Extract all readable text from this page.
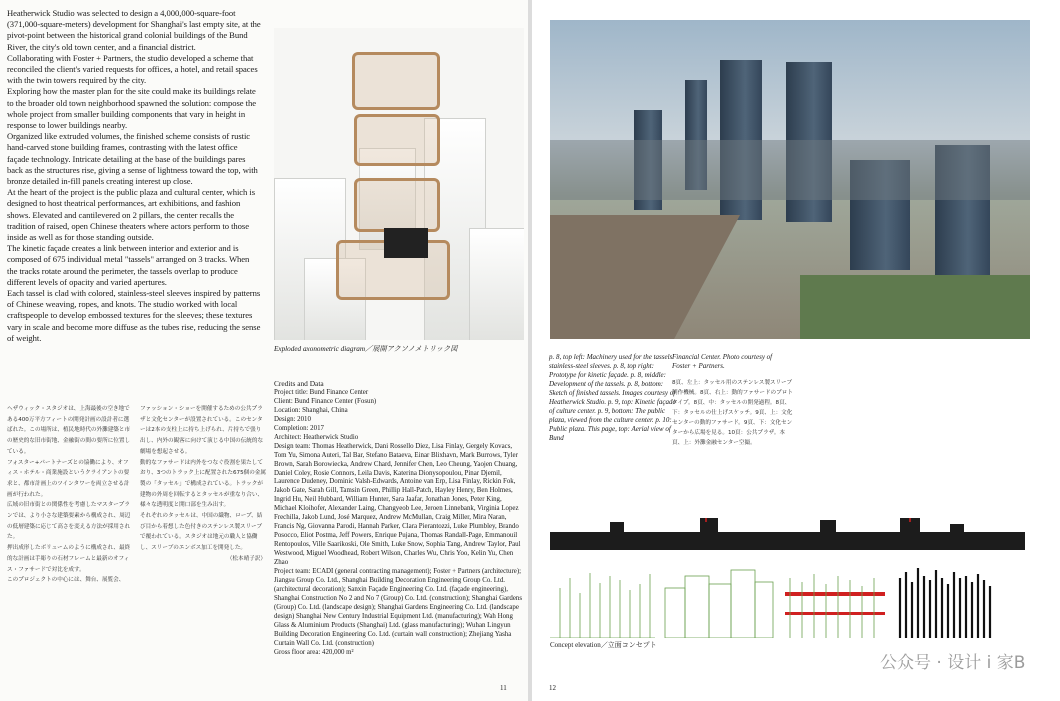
Heatherwick Studio was selected to design a 4,000,000-square-foot (371,000-square-meters) development for Shanghai's last empty site, at the pivot-point between the historical grand colonial buildings of the Bund River, the city's old town center, and a financial district.

Collaborating with Foster + Partners, the studio developed a scheme that reconciled the client's varied requests for offices, a hotel, and retail spaces with the twin towers required by the city.

Exploring how the master plan for the site could make its buildings relate to the broader old town neighborhood spawned the solution: compose the whole project from smaller building components that vary in height in response to lower buildings nearby.

Organized like extruded volumes, the finished scheme consists of rustic hand-carved stone building frames, contrasting with the latest office façade technology. Intricate detailing at the base of the buildings pares back as the structures rise, giving a sense of lightness toward the top, with bronze detailed in-fill panels creating interest up close.

At the heart of the project is the public plaza and cultural center, which is designed to host theatrical performances, art exhibitions, and fashion shows. Elevated and cantilevered on 2 pillars, the center recalls the tradition of raised, open Chinese theaters where actors perform to those inside as well as for those standing outside.

The kinetic façade creates a link between interior and exterior and is composed of 675 individual metal "tassels" arranged on 3 tracks. When the tracks rotate around the perimeter, the tassels overlap to produce different levels of opacity and varied apertures.

Each tassel is clad with colored, stainless-steel sleeves inspired by patterns of Chinese weaving, ropes, and knots. The studio worked with local craftspeople to develop embossed textures for the sleeves; these textures vary in scale and become more diffuse as the tubes rise, reducing the sense of weight.

ヘザウィック・スタジオは、上海最後の空き地である400万平方フィートの開発計画の設計者に選ばれた。この場所は、植民地時代の外灘建築と市の歴史的な旧市街地、金融街の間の要所に位置している。

フォスター+パートナーズとの協働により、オフィス・ホテル・商業施設というクライアントの要求と、都市計画上のツインタワーを両立させる計画が行われた。

広域の旧市街との関係性を考慮したマスタープランでは、より小さな建築要素から構成され、周辺の低層建築に応じて高さを変える方法が採用された。

押出成形したボリュームのように構成され、最終的な計画は手彫りの石材フレームと最新のオフィス・ファサードで対比を成す。

このプロジェクトの中心には、舞台、展覧会、

ファッション・ショーを開催するための公共プラザと文化センターが設置されている。このセンターは2本の支柱上に持ち上げられ、片持ちで張り出し、内外の観客に向けて演じる中国の伝統的な劇場を想起させる。

動的なファサードは内外をつなぐ役割を果たしており、3つのトラック上に配置された675個の金属製の「タッセル」で構成されている。トラックが建物の外周を回転するとタッセルが重なり合い、様々な透明度と開口部を生み出す。

それぞれのタッセルは、中国の織物、ロープ、結び目から着想した色付きのステンレス製スリーブで覆われている。スタジオは地元の職人と協働し、スリーブのエンボス加工を開発した。

（松本晴子訳）

Exploded axonometric diagram／展開アクソノメトリック図
Credits and Data
Project title: Bund Finance Center
Client: Bund Finance Center (Fosun)
Location: Shanghai, China
Design: 2010
Completion: 2017
Architect: Heatherwick Studio
Design team: Thomas Heatherwick, Dani Rossello Diez, Lisa Finlay, Gergely Kovacs, Tom Yu, Simona Auteri, Tal Bar, Stefano Bataeva, Einar Blixhavn, Mark Burrows, Tyler Brown, Sarah Borowiecka, Andrew Chard, Jennifer Chen, Leo Cheung, Yaojen Chuang, Daniel Coley, Rosie Connors, Leila Davis, Katerina Dionysopoulou, Pinar Djemil, Laurence Dudeney, Dominic Valsh-Edwards, Antoine van Erp, Lisa Finlay, Rickin Fok, Jakob Gate, Sarah Gill, Tamsin Green, Phillip Hall-Patch, Hayley Henry, Ben Holmes, Ingrid Hu, Neil Hubbard, William Hunter, Sara Jaafar, Jonathan Jones, Peter King, Michael Kloihofer, Alexander Laing, Changyeob Lee, Jeroen Linnebank, Virginia Lopez Frechilla, Jakob Lund, José Marquez, Andrew McMullan, Craig Miller, Mira Naran, Francis Ng, Giovanna Parodi, Hannah Parker, Clara Pierantozzi, Luke Plumbley, Brando Posocco, Eliot Postma, Jeff Powers, Enrique Pujana, Thomas Randall-Page, Emmanouil Rentopoulos, Ville Saarikoski, Ole Smith, Luke Snow, Sophia Tang, Andrew Taylor, Paul Westwood, Miguel Woodhead, Robert Wilson, Charles Wu, Chris Yoo, Kelin Yu, Chen Zhao
Project team: ECADI (general contracting management); Foster + Partners (architecture); Jiangsu Group Co. Ltd., Shanghai Building Decoration Engineering Group Co. Ltd. (architectural decoration); Sanxin Façade Engineering Co. Ltd. (façade engineering), Shanghai Construction No 2 and No 7 (Group) Co. Ltd. (construction); Shanghai Gardens (Group) Co. Ltd. (landscape design); Shanghai Gardens Engineering Co. Ltd. (landscape design) Shanghai New Century Industrial Equipment Ltd. (manufacturing); Wah Hong Glass & Aluminium Products (Shanghai) Ltd. (glass manufacturing); Wuhan Lingyun Building Decoration Engineering Co. Ltd. (curtain wall construction); Zhejiang Yasha Curtain Wall Co. Ltd. (construction)
Gross floor area: 420,000 m²
11
p. 8, top left: Machinery used for the tassels' stainless-steel sleeves. p. 8, top right: Prototype for kinetic façade. p. 8, middle: Development of the tassels. p. 8, bottom: Sketch of finished tassels. Images courtesy of Heatherwick Studio. p. 9, top: Kinetic façade of culture center. p. 9, bottom: The public plaza, viewed from the culture center. p. 10: Public plaza. This page, top: Aerial view of Bund
Financial Center. Photo courtesy of Foster + Partners.
8頁、左上：タッセル用のステンレス製スリーブ制作機械。8頁、右上：動的ファサードのプロトタイプ。8頁、中：タッセルの開発過程。8頁、下：タッセルの仕上げスケッチ。9頁、上：文化センターの動的ファサード。9頁、下：文化センターから広場を見る。10頁：公共プラザ。本頁、上：外灘金融センター空撮。
Concept elevation／立面コンセプト
公众号 · 设计 i 家B
12
